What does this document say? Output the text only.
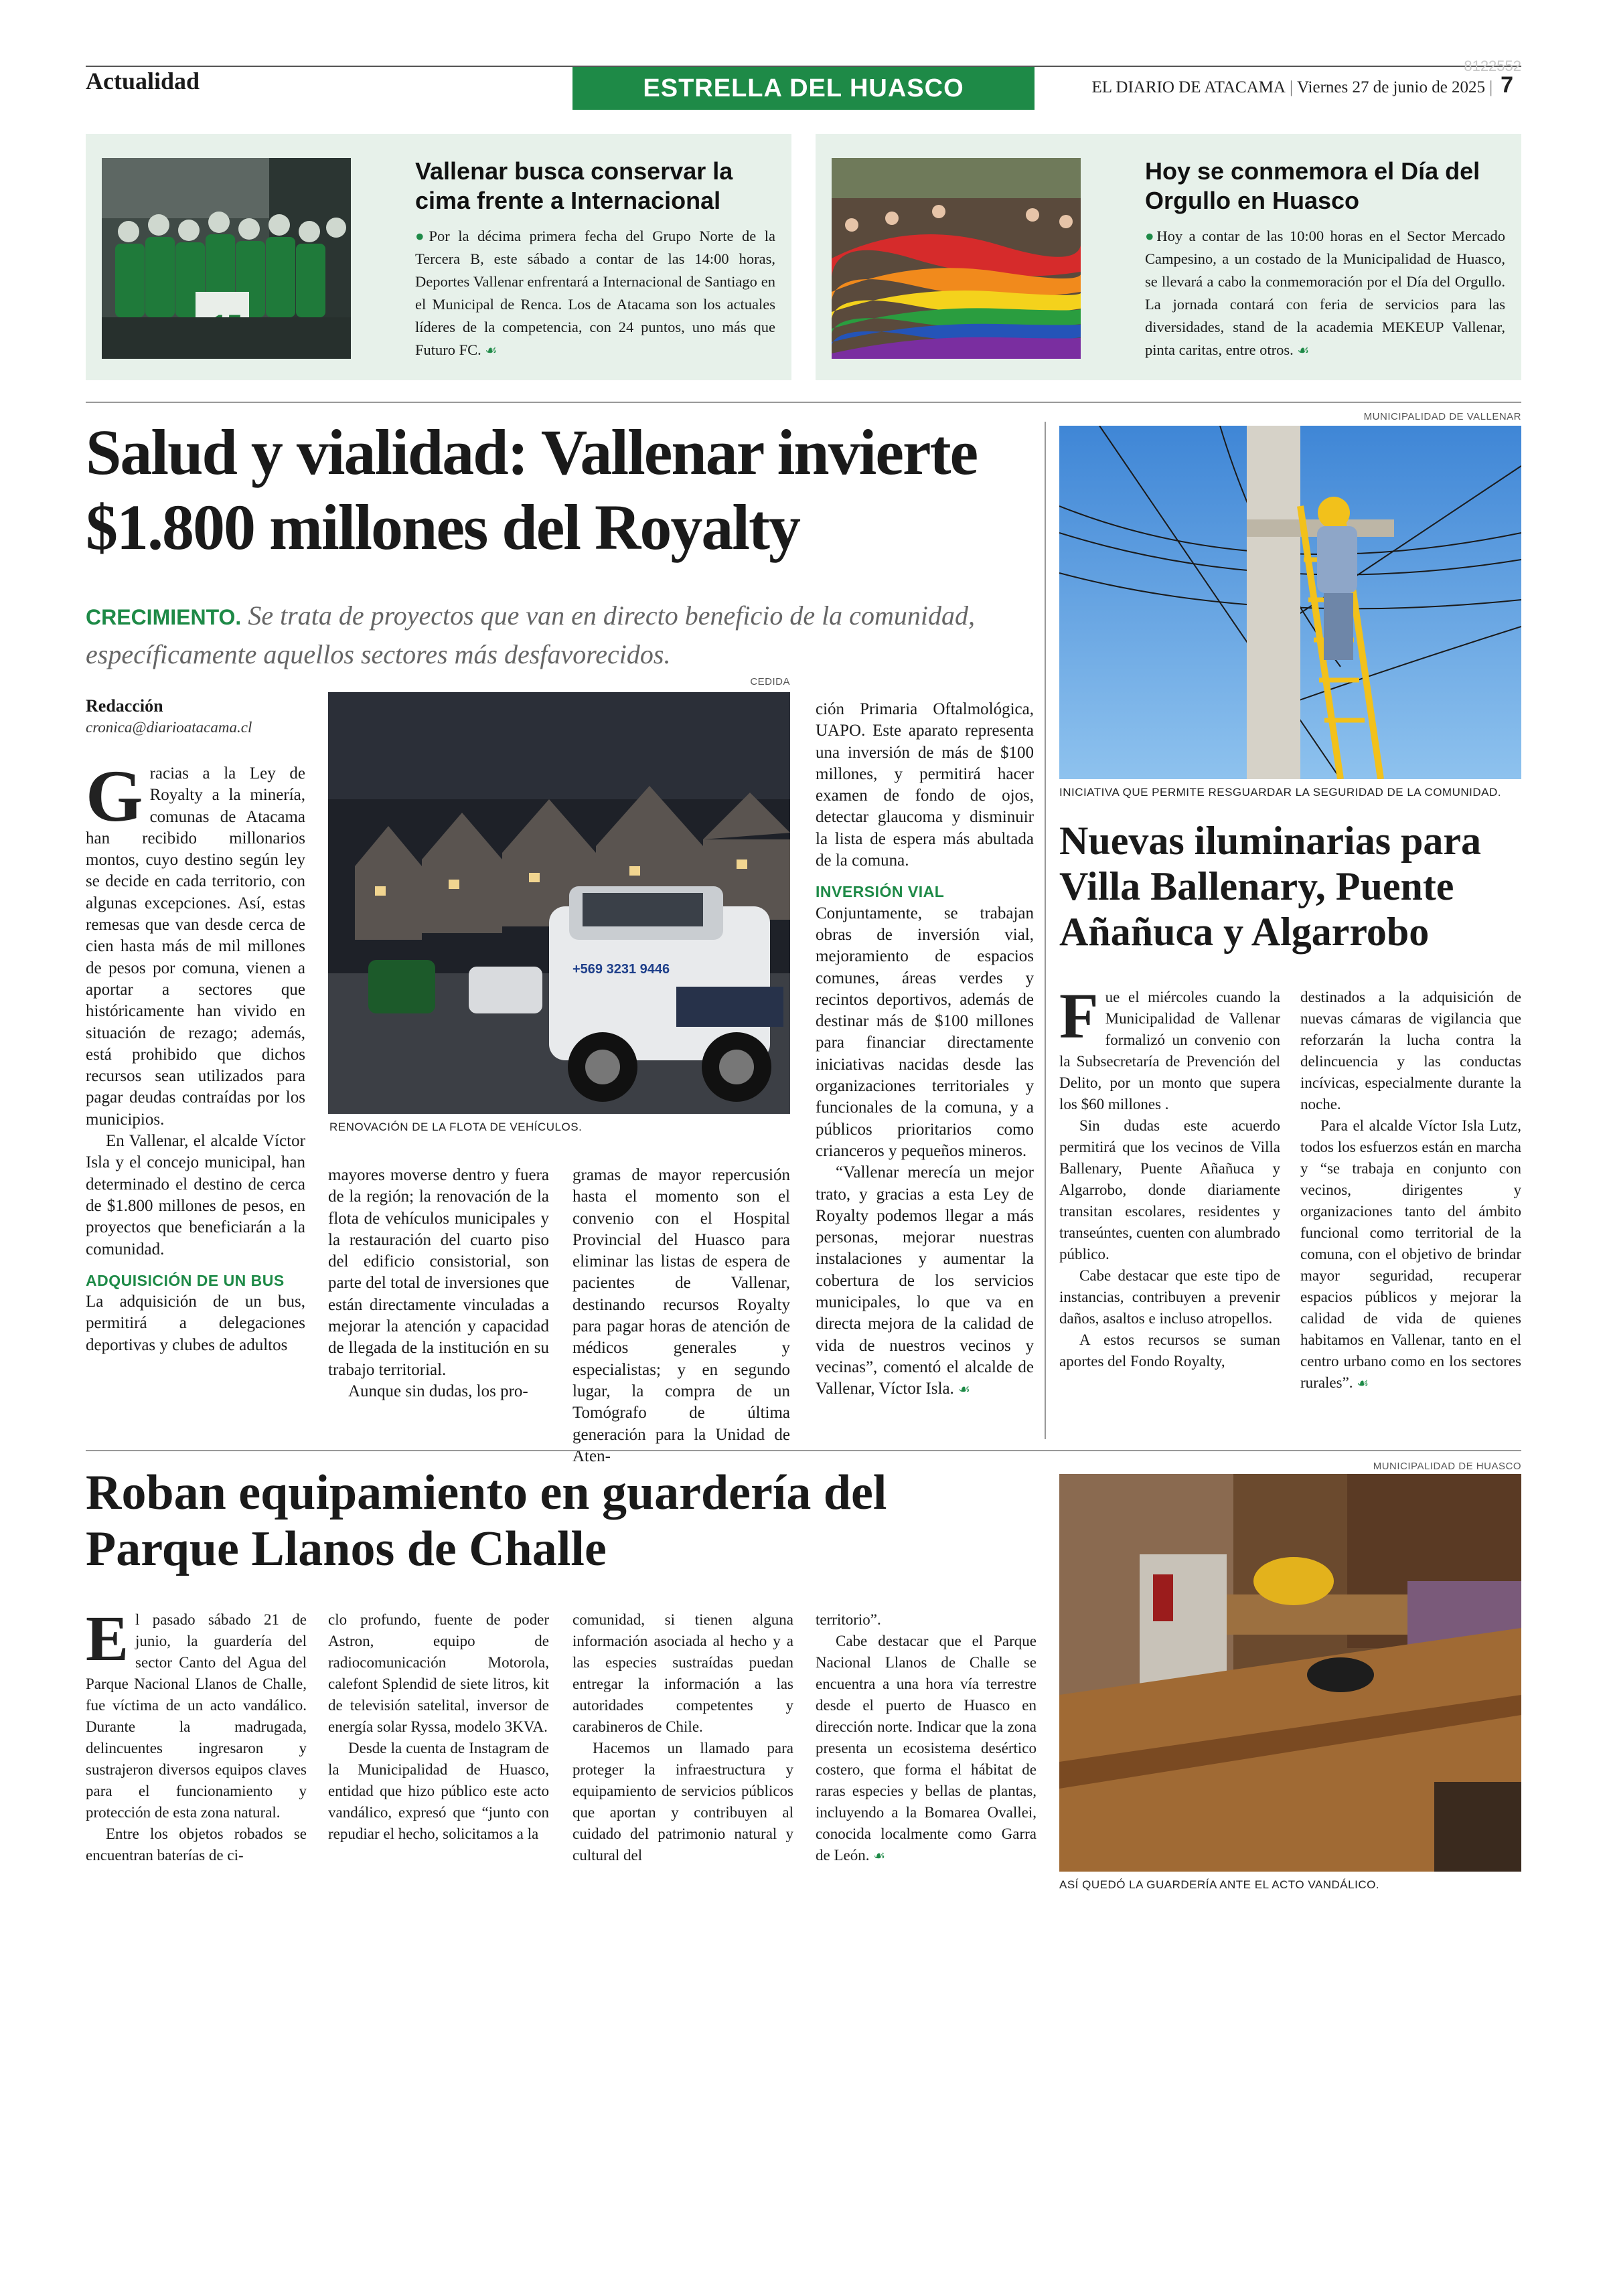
Actualidad	ESTRELLA DEL HUASCO
8122552
EL DIARIO DE ATACAMA | Viernes 27 de junio de 2025 | 7
Vallenar busca conservar la cima frente a Internacional
●Por la décima primera fecha del Grupo Norte de la Tercera B, este sábado a contar de las 14:00 horas, Deportes Vallenar enfrentará a Internacional de Santiago en el Municipal de Renca. Los de Atacama son los actuales líderes de la competencia, con 24 puntos, uno más que Futuro FC. ☙
Hoy se conmemora el Día del Orgullo en Huasco
●Hoy a contar de las 10:00 horas en el Sector Mercado Campesino, a un costado de la Municipalidad de Huasco, se llevará a cabo la conmemoración por el Día del Orgullo. La jornada contará con feria de servicios para las diversidades, stand de la academia MEKEUP Vallenar, pinta caritas, entre otros. ☙
Salud y vialidad: Vallenar invierte $1.800 millones del Royalty
CRECIMIENTO. Se trata de proyectos que van en directo beneficio de la comunidad, específicamente aquellos sectores más desfavorecidos.
Redacción
cronica@diarioatacama.cl

Gracias a la Ley de Royalty a la minería, comunas de Atacama han recibido millonarios montos, cuyo destino según ley se decide en cada territorio, con algunas excepciones. Así, estas remesas que van desde cerca de cien hasta más de mil millones de pesos por comuna, vienen a aportar a sectores que históricamente han vivido en situación de rezago; además, está prohibido que dichos recursos sean utilizados para pagar deudas contraídas por los municipios.

En Vallenar, el alcalde Víctor Isla y el concejo municipal, han determinado el destino de cerca de $1.800 millones de pesos, en proyectos que beneficiarán a la comunidad.

ADQUISICIÓN DE UN BUS

La adquisición de un bus, permitirá a delegaciones deportivas y clubes de adultos

CEDIDA
+569 3231 9446
RENOVACIÓN DE LA FLOTA DE VEHÍCULOS.

mayores moverse dentro y fuera de la región; la renovación de la flota de vehículos municipales y la restauración del cuarto piso del edificio consistorial, son parte del total de inversiones que están directamente vinculadas a mejorar la atención y capacidad de llegada de la institución en su trabajo territorial.

Aunque sin dudas, los pro-

gramas de mayor repercusión hasta el momento son el convenio con el Hospital Provincial del Huasco para eliminar las listas de espera de pacientes de Vallenar, destinando recursos Royalty para pagar horas de atención de médicos generales y especialistas; y en segundo lugar, la compra de un Tomógrafo de última generación para la Unidad de Aten-

ción Primaria Oftalmológica, UAPO. Este aparato representa una inversión de más de $100 millones, y permitirá hacer examen de fondo de ojos, detectar glaucoma y disminuir la lista de espera más abultada de la comuna.

INVERSIÓN VIAL

Conjuntamente, se trabajan obras de inversión vial, mejoramiento de espacios comunes, áreas verdes y recintos deportivos, además de destinar más de $100 millones para financiar directamente iniciativas nacidas desde las organizaciones territoriales y funcionales de la comuna, y a públicos prioritarios como crianceros y pequeños mineros.

“Vallenar merecía un mejor trato, y gracias a esta Ley de Royalty podemos llegar a más personas, mejorar nuestras instalaciones y aumentar la cobertura de los servicios municipales, lo que va en directa mejora de la calidad de vida de nuestros vecinos y vecinas”, comentó el alcalde de Vallenar, Víctor Isla. ☙

MUNICIPALIDAD DE VALLENAR
INICIATIVA QUE PERMITE RESGUARDAR LA SEGURIDAD DE LA COMUNIDAD.
Nuevas iluminarias para Villa Ballenary, Puente Añañuca y Algarrobo

Fue el miércoles cuando la Municipalidad de Vallenar formalizó un convenio con la Subsecretaría de Prevención del Delito, por un monto que supera los $60 millones .

Sin dudas este acuerdo permitirá que los vecinos de Villa Ballenary, Puente Añañuca y Algarrobo, donde diariamente transitan escolares, residentes y transeúntes, cuenten con alumbrado público.

Cabe destacar que este tipo de instancias, contribuyen a prevenir daños, asaltos e incluso atropellos.

A estos recursos se suman aportes del Fondo Royalty,

destinados a la adquisición de nuevas cámaras de vigilancia que reforzarán la lucha contra la delincuencia y las conductas incívicas, especialmente durante la noche.

Para el alcalde Víctor Isla Lutz, todos los esfuerzos están en marcha y “se trabaja en conjunto con vecinos, dirigentes y organizaciones tanto del ámbito funcional como territorial de la comuna, con el objetivo de brindar mayor seguridad, recuperar espacios públicos y mejorar la calidad de vida de quienes habitamos en Vallenar, tanto en el centro urbano como en los sectores rurales”. ☙

Roban equipamiento en guardería del Parque Llanos de Challe

El pasado sábado 21 de junio, la guardería del sector Canto del Agua del Parque Nacional Llanos de Challe, fue víctima de un acto vandálico. Durante la madrugada, delincuentes ingresaron y sustrajeron diversos equipos claves para el funcionamiento y protección de esta zona natural.

Entre los objetos robados se encuentran baterías de ci-

clo profundo, fuente de poder Astron, equipo de radiocomunicación Motorola, calefont Splendid de siete litros, kit de televisión satelital, inversor de energía solar Ryssa, modelo 3KVA.

Desde la cuenta de Instagram de la Municipalidad de Huasco, entidad que hizo público este acto vandálico, expresó que “junto con repudiar el hecho, solicitamos a la

comunidad, si tienen alguna información asociada al hecho y a las especies sustraídas puedan entregar la información a las autoridades competentes y carabineros de Chile.

Hacemos un llamado para proteger la infraestructura y equipamiento de servicios públicos que aportan y contribuyen al cuidado del patrimonio natural y cultural del

territorio”.

Cabe destacar que el Parque Nacional Llanos de Challe se encuentra a una hora vía terrestre desde el puerto de Huasco en dirección norte. Indicar que la zona presenta un ecosistema desértico costero, que forma el hábitat de raras especies y bellas de plantas, incluyendo a la Bomarea Ovallei, conocida localmente como Garra de León. ☙

MUNICIPALIDAD DE HUASCO
ASÍ QUEDÓ LA GUARDERÍA ANTE EL ACTO VANDÁLICO.
